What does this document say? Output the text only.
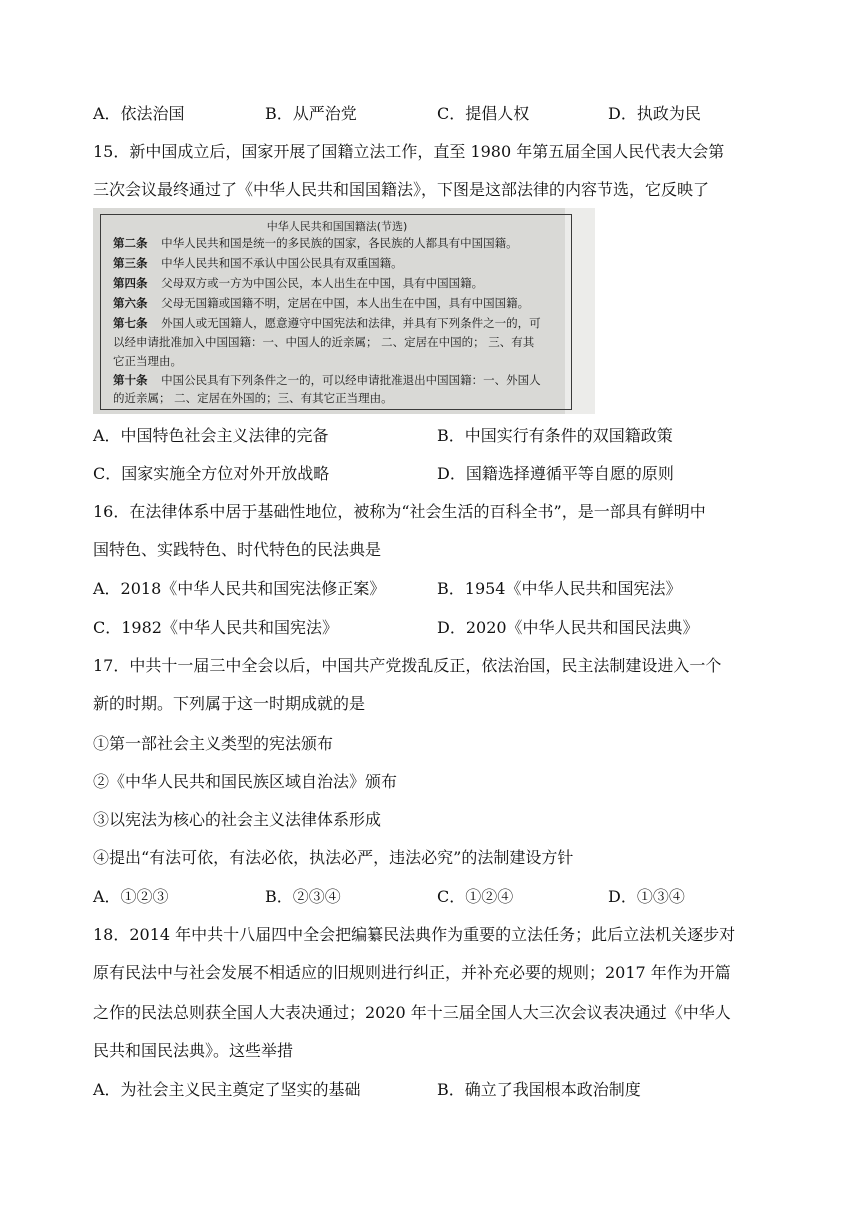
A．依法治国	B．从严治党	C．提倡人权	D．执政为民
15．新中国成立后，国家开展了国籍立法工作，直至 1980 年第五届全国人民代表大会第
三次会议最终通过了《中华人民共和国国籍法》，下图是这部法律的内容节选，它反映了
中华人民共和国国籍法(节选)
第二条 中华人民共和国是统一的多民族的国家，各民族的人都具有中国国籍。
第三条 中华人民共和国不承认中国公民具有双重国籍。
第四条 父母双方或一方为中国公民，本人出生在中国，具有中国国籍。
第六条 父母无国籍或国籍不明，定居在中国，本人出生在中国，具有中国国籍。
第七条 外国人或无国籍人，愿意遵守中国宪法和法律，并具有下列条件之一的，可
以经申请批准加入中国国籍：一、中国人的近亲属； 二、定居在中国的； 三、有其
它正当理由。
第十条 中国公民具有下列条件之一的，可以经申请批准退出中国国籍：一、外国人
的近亲属； 二、定居在外国的；三、有其它正当理由。
A．中国特色社会主义法律的完备	B．中国实行有条件的双国籍政策
C．国家实施全方位对外开放战略	D．国籍选择遵循平等自愿的原则
16．在法律体系中居于基础性地位，被称为“社会生活的百科全书”，是一部具有鲜明中
国特色、实践特色、时代特色的民法典是
A．2018《中华人民共和国宪法修正案》	B．1954《中华人民共和国宪法》
C．1982《中华人民共和国宪法》	D．2020《中华人民共和国民法典》
17．中共十一届三中全会以后，中国共产党拨乱反正，依法治国，民主法制建设进入一个
新的时期。下列属于这一时期成就的是
①第一部社会主义类型的宪法颁布
②《中华人民共和国民族区域自治法》颁布
③以宪法为核心的社会主义法律体系形成
④提出“有法可依，有法必依，执法必严，违法必究”的法制建设方针
A．①②③	B．②③④	C．①②④	D．①③④
18．2014 年中共十八届四中全会把编纂民法典作为重要的立法任务；此后立法机关逐步对
原有民法中与社会发展不相适应的旧规则进行纠正，并补充必要的规则；2017 年作为开篇
之作的民法总则获全国人大表决通过；2020 年十三届全国人大三次会议表决通过《中华人
民共和国民法典》。这些举措
A．为社会主义民主奠定了坚实的基础	B．确立了我国根本政治制度
